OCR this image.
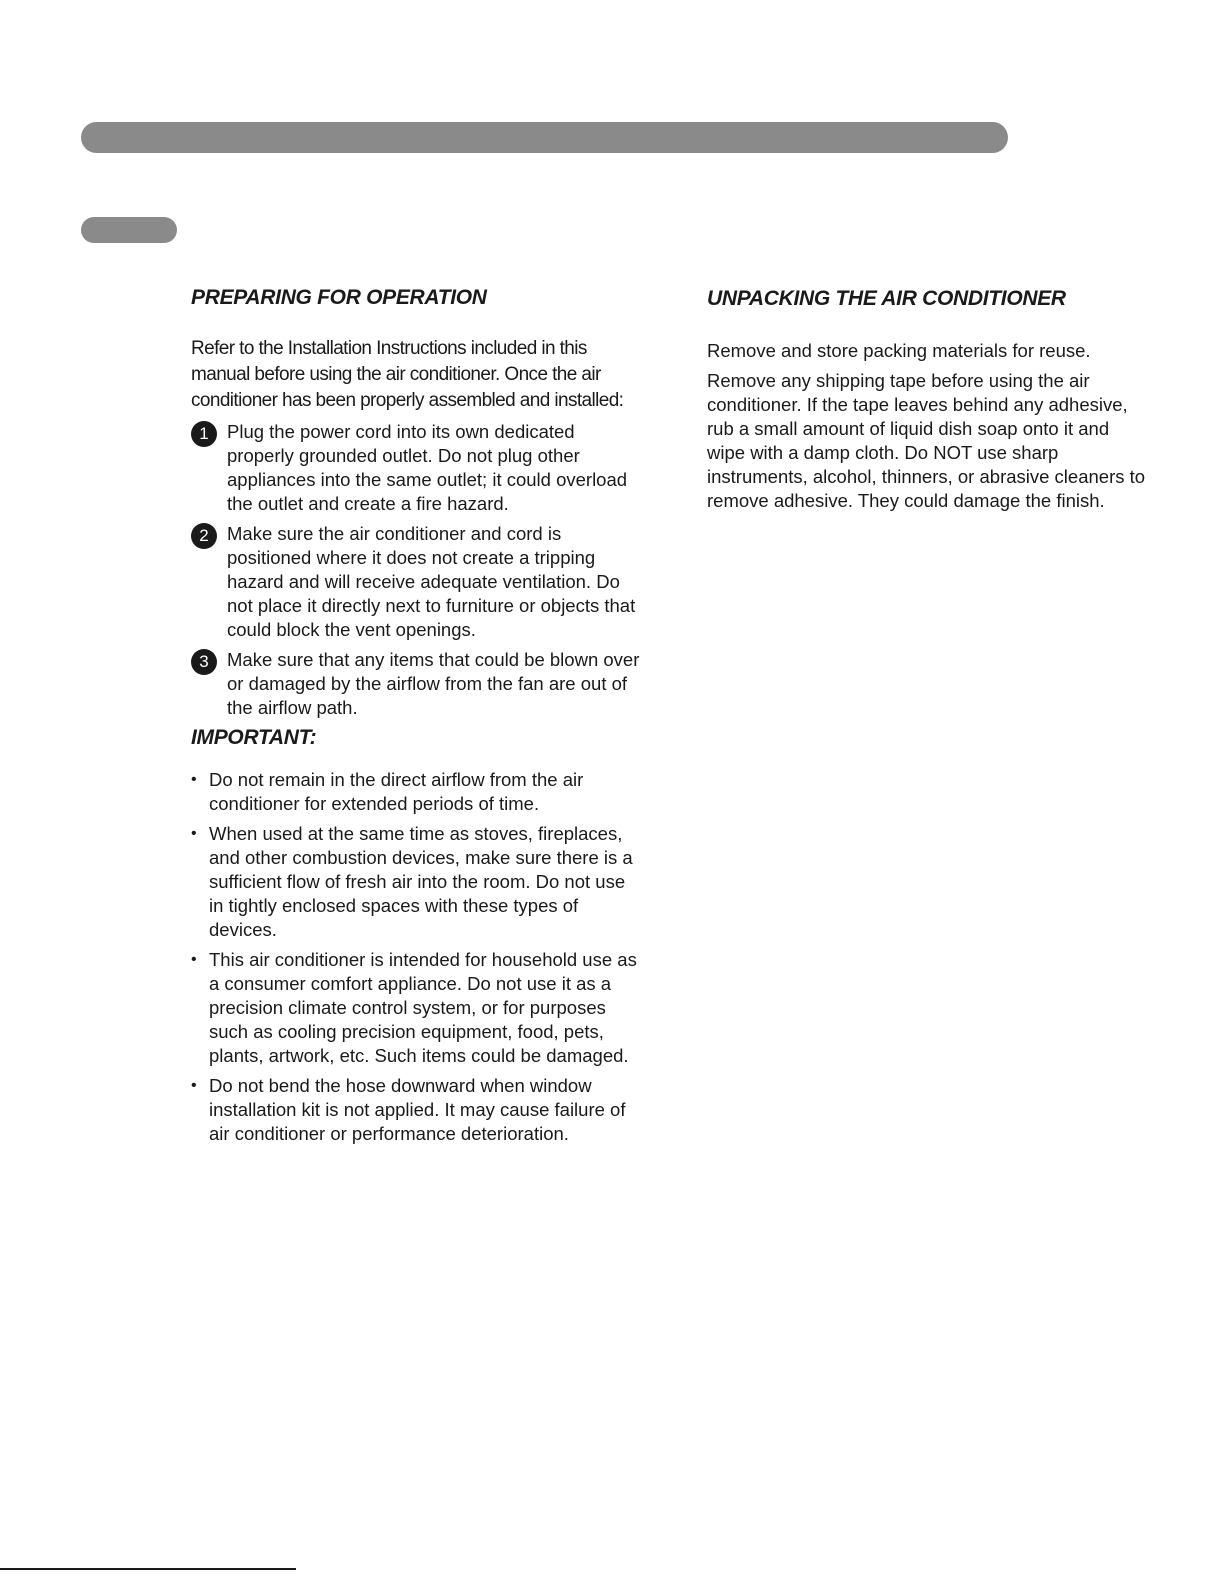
PREPARING FOR OPERATION

Refer to the Installation Instructions included in this manual before using the air conditioner. Once the air conditioner has been properly assembled and installed:

1 Plug the power cord into its own dedicated properly grounded outlet. Do not plug other appliances into the same outlet; it could overload the outlet and create a fire hazard.
2 Make sure the air conditioner and cord is positioned where it does not create a tripping hazard and will receive adequate ventilation. Do not place it directly next to furniture or objects that could block the vent openings.
3 Make sure that any items that could be blown over or damaged by the airflow from the fan are out of the airflow path.
IMPORTANT:
• Do not remain in the direct airflow from the air conditioner for extended periods of time.
• When used at the same time as stoves, fireplaces, and other combustion devices, make sure there is a sufficient flow of fresh air into the room. Do not use in tightly enclosed spaces with these types of devices.
• This air conditioner is intended for household use as a consumer comfort appliance. Do not use it as a precision climate control system, or for purposes such as cooling precision equipment, food, pets, plants, artwork, etc. Such items could be damaged.
• Do not bend the hose downward when window installation kit is not applied. It may cause failure of air conditioner or performance deterioration.
UNPACKING THE AIR CONDITIONER

Remove and store packing materials for reuse.

Remove any shipping tape before using the air conditioner. If the tape leaves behind any adhesive, rub a small amount of liquid dish soap onto it and wipe with a damp cloth. Do NOT use sharp instruments, alcohol, thinners, or abrasive cleaners to remove adhesive. They could damage the finish.
